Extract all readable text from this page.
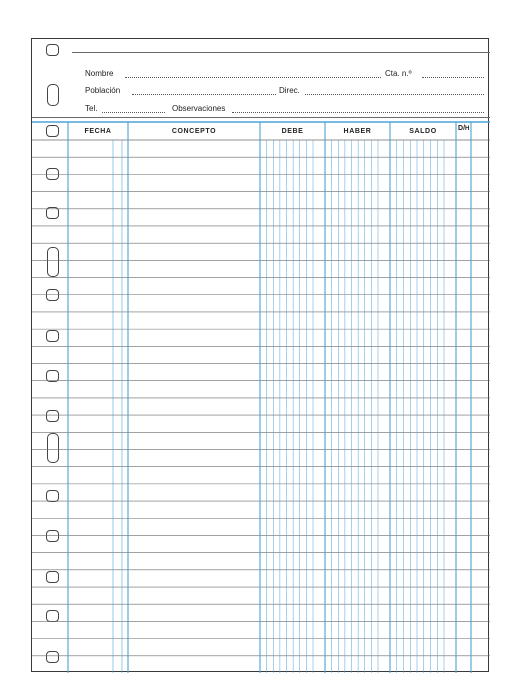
Nombre	Cta. n.º
Población	Direc.
Tel.	Observaciones
FECHA	CONCEPTO	DEBE	HABER	SALDO	D/H
